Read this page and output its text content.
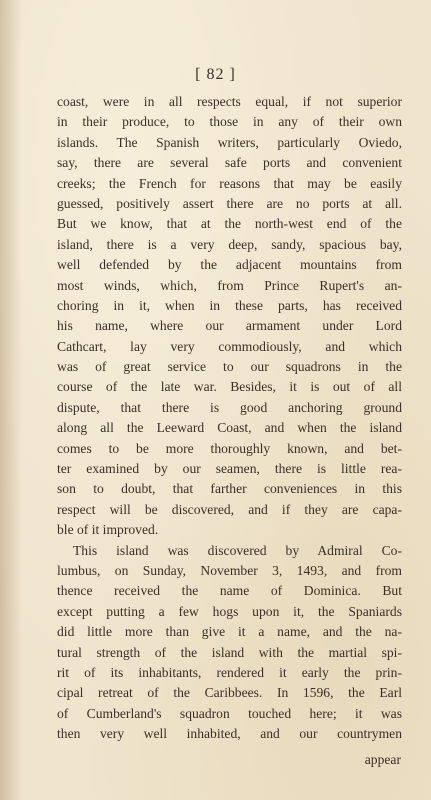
[ 82 ]

coast, were in all respects equal, if not superior
in their produce, to those in any of their own
islands. The Spanish writers, particularly Oviedo,
say, there are several safe ports and convenient
creeks; the French for reasons that may be easily
guessed, positively assert there are no ports at all.
But we know, that at the north-west end of the
island, there is a very deep, sandy, spacious bay,
well defended by the adjacent mountains from
most winds, which, from Prince Rupert's an-
choring in it, when in these parts, has received
his name, where our armament under Lord
Cathcart, lay very commodiously, and which
was of great service to our squadrons in the
course of the late war. Besides, it is out of all
dispute, that there is good anchoring ground
along all the Leeward Coast, and when the island
comes to be more thoroughly known, and bet-
ter examined by our seamen, there is little rea-
son to doubt, that farther conveniences in this
respect will be discovered, and if they are capa-
ble of it improved.
This island was discovered by Admiral Co-
lumbus, on Sunday, November 3, 1493, and from
thence received the name of Dominica. But
except putting a few hogs upon it, the Spaniards
did little more than give it a name, and the na-
tural strength of the island with the martial spi-
rit of its inhabitants, rendered it early the prin-
cipal retreat of the Caribbees. In 1596, the Earl
of Cumberland's squadron touched here; it was
then very well inhabited, and our countrymen

appear
